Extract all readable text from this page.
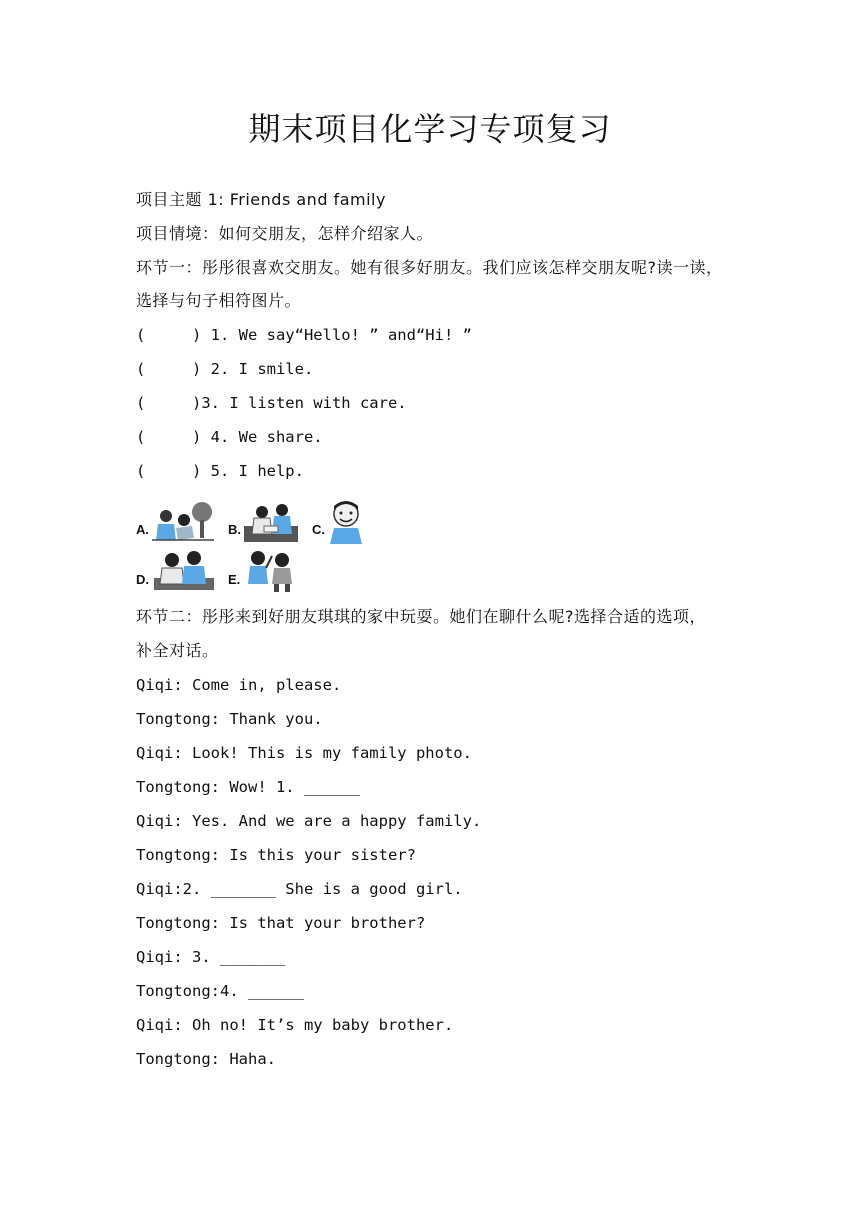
期末项目化学习专项复习
项目主题 1: Friends and family
项目情境：如何交朋友，怎样介绍家人。
环节一：彤彤很喜欢交朋友。她有很多好朋友。我们应该怎样交朋友呢?读一读，
选择与句子相符图片。
(     ) 1. We say“Hello! ” and“Hi! ”
(     ) 2. I smile.
(     )3. I listen with care.
(     ) 4. We share.
(     ) 5. I help.
A.	B.	C.
D.	E.
环节二：彤彤来到好朋友琪琪的家中玩耍。她们在聊什么呢?选择合适的选项，
补全对话。
Qiqi: Come in, please.
Tongtong: Thank you.
Qiqi: Look! This is my family photo.
Tongtong: Wow! 1. ______
Qiqi: Yes. And we are a happy family.
Tongtong: Is this your sister?
Qiqi:2. _______ She is a good girl.
Tongtong: Is that your brother?
Qiqi: 3. _______
Tongtong:4. ______
Qiqi: Oh no! It’s my baby brother.
Tongtong: Haha.
